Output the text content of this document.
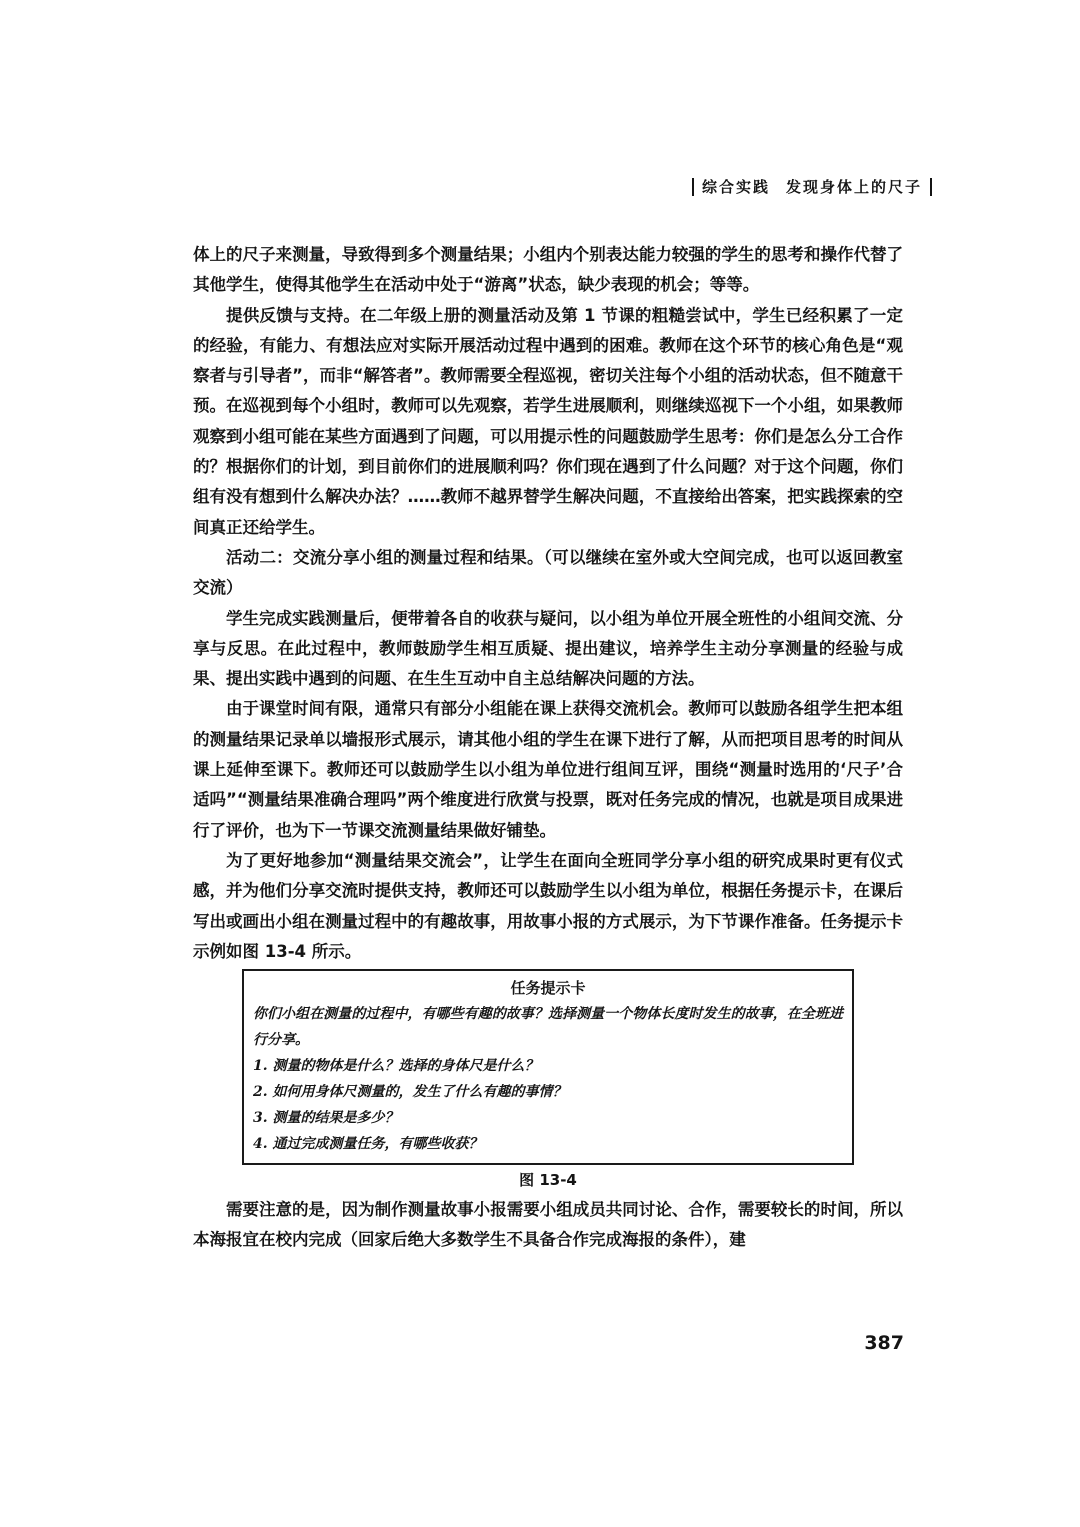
综合实践 发现身体上的尺子

体上的尺子来测量，导致得到多个测量结果；小组内个别表达能力较强的学生的思考和操作代替了其他学生，使得其他学生在活动中处于“游离”状态，缺少表现的机会；等等。

提供反馈与支持。在二年级上册的测量活动及第 1 节课的粗糙尝试中，学生已经积累了一定的经验，有能力、有想法应对实际开展活动过程中遇到的困难。教师在这个环节的核心角色是“观察者与引导者”，而非“解答者”。教师需要全程巡视，密切关注每个小组的活动状态，但不随意干预。在巡视到每个小组时，教师可以先观察，若学生进展顺利，则继续巡视下一个小组，如果教师观察到小组可能在某些方面遇到了问题，可以用提示性的问题鼓励学生思考：你们是怎么分工合作的？根据你们的计划，到目前你们的进展顺利吗？你们现在遇到了什么问题？对于这个问题，你们组有没有想到什么解决办法？……教师不越界替学生解决问题，不直接给出答案，把实践探索的空间真正还给学生。

活动二：交流分享小组的测量过程和结果。（可以继续在室外或大空间完成，也可以返回教室交流）

学生完成实践测量后，便带着各自的收获与疑问，以小组为单位开展全班性的小组间交流、分享与反思。在此过程中，教师鼓励学生相互质疑、提出建议，培养学生主动分享测量的经验与成果、提出实践中遇到的问题、在生生互动中自主总结解决问题的方法。

由于课堂时间有限，通常只有部分小组能在课上获得交流机会。教师可以鼓励各组学生把本组的测量结果记录单以墙报形式展示，请其他小组的学生在课下进行了解，从而把项目思考的时间从课上延伸至课下。教师还可以鼓励学生以小组为单位进行组间互评，围绕“测量时选用的‘尺子’合适吗”“测量结果准确合理吗”两个维度进行欣赏与投票，既对任务完成的情况，也就是项目成果进行了评价，也为下一节课交流测量结果做好铺垫。

为了更好地参加“测量结果交流会”，让学生在面向全班同学分享小组的研究成果时更有仪式感，并为他们分享交流时提供支持，教师还可以鼓励学生以小组为单位，根据任务提示卡，在课后写出或画出小组在测量过程中的有趣故事，用故事小报的方式展示，为下节课作准备。任务提示卡示例如图 13-4 所示。

任务提示卡

你们小组在测量的过程中，有哪些有趣的故事？选择测量一个物体长度时发生的故事，在全班进行分享。

1. 测量的物体是什么？选择的身体尺是什么？

2. 如何用身体尺测量的，发生了什么有趣的事情？

3. 测量的结果是多少？

4. 通过完成测量任务，有哪些收获？

图 13-4

需要注意的是，因为制作测量故事小报需要小组成员共同讨论、合作，需要较长的时间，所以本海报宜在校内完成（回家后绝大多数学生不具备合作完成海报的条件），建

387
